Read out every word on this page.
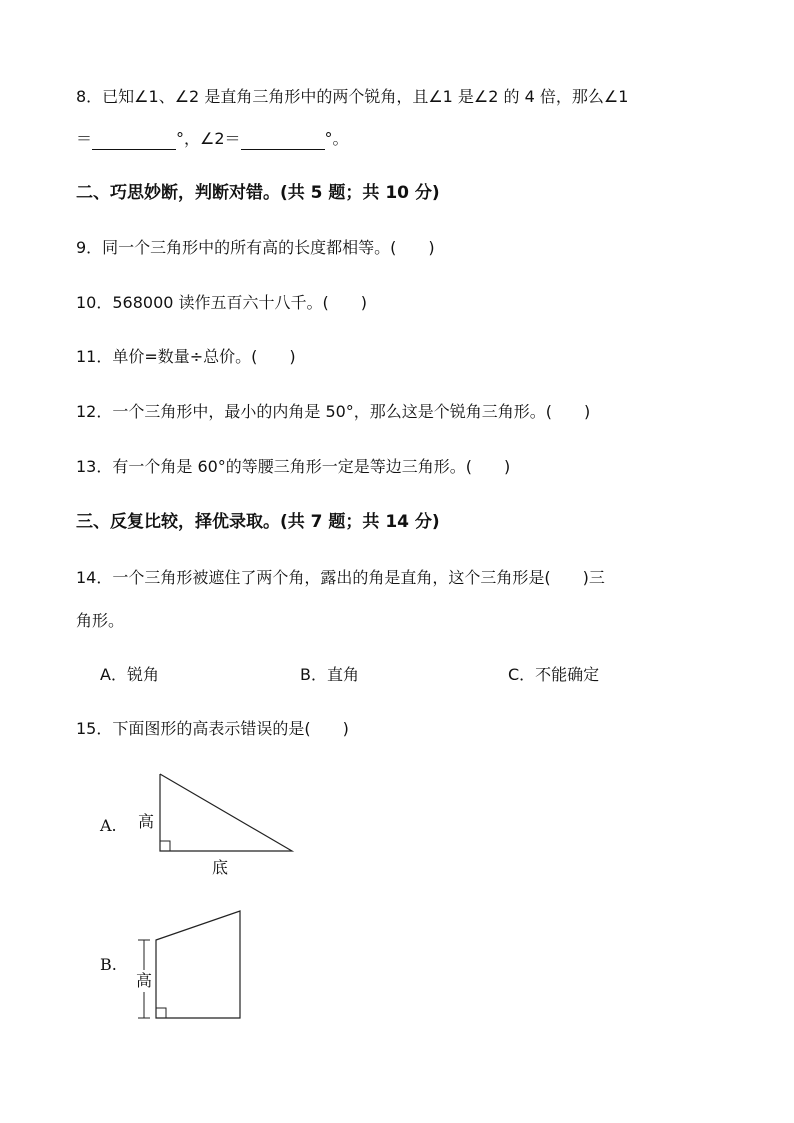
8．已知∠1、∠2 是直角三角形中的两个锐角，且∠1 是∠2 的 4 倍，那么∠1
＝	°，∠2＝	°。
二、巧思妙断，判断对错。(共 5 题；共 10 分)
9．同一个三角形中的所有高的长度都相等。(　　)
10．568000 读作五百六十八千。(　　)
11．单价=数量÷总价。(　　)
12．一个三角形中，最小的内角是 50°，那么这是个锐角三角形。(　　)
13．有一个角是 60°的等腰三角形一定是等边三角形。(　　)
三、反复比较，择优录取。(共 7 题；共 14 分)
14．一个三角形被遮住了两个角，露出的角是直角，这个三角形是(　　)三
角形。
A．锐角	B．直角	C．不能确定
15．下面图形的高表示错误的是(　　)
A. 高
底
B.
高
